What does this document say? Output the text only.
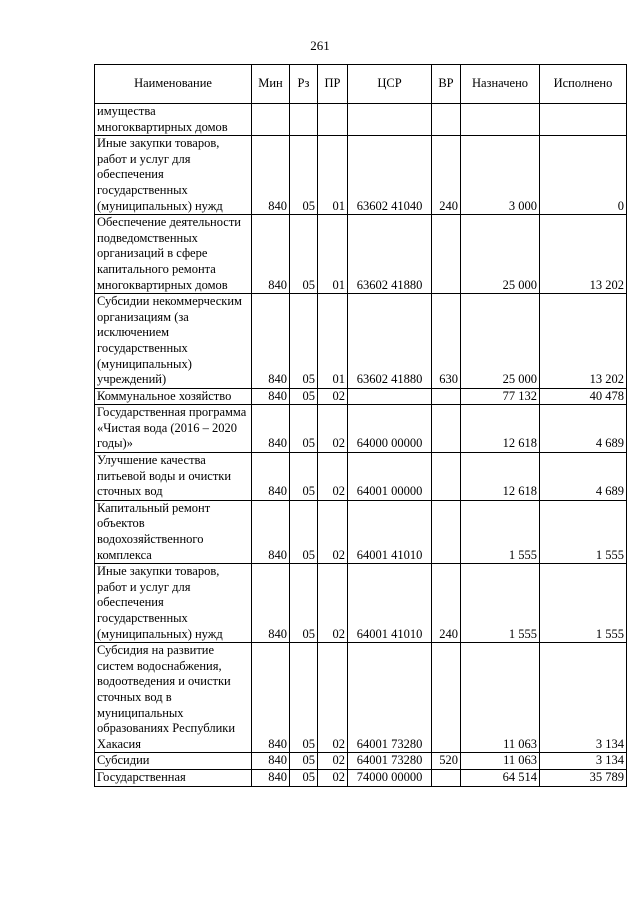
261
Наименование	Мин	Рз	ПР	ЦСР	ВР	Назначено	Исполнено
имущества многоквартирных домов							
Иные закупки товаров, работ и услуг для обеспечения государственных (муниципальных) нужд	840	05	01	63602 41040	240	3 000	0
Обеспечение деятельности подведомственных организаций в сфере капитального ремонта многоквартирных домов	840	05	01	63602 41880		25 000	13 202
Субсидии некоммерческим организациям (за исключением государственных (муниципальных) учреждений)	840	05	01	63602 41880	630	25 000	13 202
Коммунальное хозяйство	840	05	02			77 132	40 478
Государственная программа «Чистая вода (2016 – 2020 годы)»	840	05	02	64000 00000		12 618	4 689
Улучшение качества питьевой воды и очистки сточных вод	840	05	02	64001 00000		12 618	4 689
Капитальный ремонт объектов водохозяйственного комплекса	840	05	02	64001 41010		1 555	1 555
Иные закупки товаров, работ и услуг для обеспечения государственных (муниципальных) нужд	840	05	02	64001 41010	240	1 555	1 555
Субсидия на развитие систем водоснабжения, водоотведения и очистки сточных вод в муниципальных образованиях Республики Хакасия	840	05	02	64001 73280		11 063	3 134
Субсидии	840	05	02	64001 73280	520	11 063	3 134
Государственная	840	05	02	74000 00000		64 514	35 789
